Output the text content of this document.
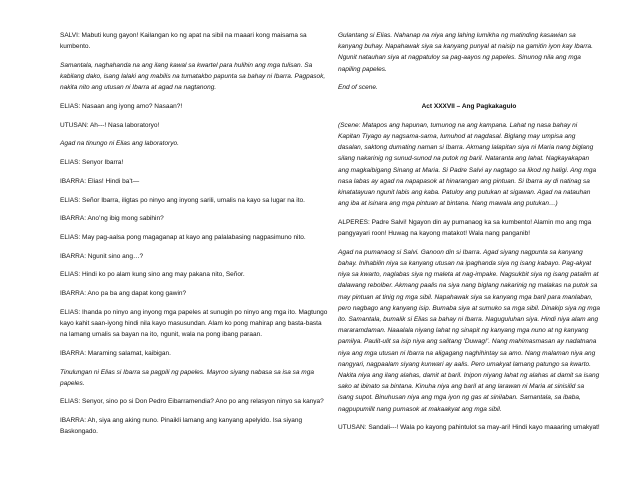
SALVI: Mabuti kung gayon! Kailangan ko ng apat na sibil na maaari kong maisama sa kumbento.

Samantala, naghahanda na ang ilang kawal sa kwartel para hulihin ang mga tulisan. Sa kabilang dako, isang lalaki ang mabilis na tumatakbo papunta sa bahay ni Ibarra. Pagpasok, nakita nito ang utusan ni Ibarra at agad na nagtanong.

ELIAS: Nasaan ang iyong amo? Nasaan?!

UTUSAN: Ah---! Nasa laboratoryo!

Agad na tinungo ni Elias ang laboratoryo.

ELIAS: Senyor Ibarra!

IBARRA: Elias! Hindi ba’t—

ELIAS: Señor Ibarra, iligtas po ninyo ang inyong sarili, umalis na kayo sa lugar na ito.

IBARRA: Ano’ng ibig mong sabihin?

ELIAS: May pag-aalsa pong magaganap at kayo ang palalabasing nagpasimuno nito.

IBARRA: Ngunit sino ang…?

ELIAS: Hindi ko po alam kung sino ang may pakana nito, Señor.

IBARRA: Ano pa ba ang dapat kong gawin?

ELIAS: Ihanda po ninyo ang inyong mga papeles at sunugin po ninyo ang mga ito. Magtungo kayo kahit saan-iyong hindi nila kayo masusundan. Alam ko pong mahirap ang basta-basta na lamang umalis sa bayan na ito, ngunit, wala na pong ibang paraan.

IBARRA: Maraming salamat, kaibigan.

Tinulungan ni Elias si Ibarra sa pagpili ng papeles. Mayroo siyang nabasa sa isa sa mga papeles.

ELIAS: Senyor, sino po si Don Pedro Eibarramendia? Ano po ang relasyon ninyo sa kanya?

IBARRA: Ah, siya ang aking nuno. Pinaikli lamang ang kanyang apelyido. Isa siyang Baskongado.

Gulantang si Elias. Nahanap na niya ang lahing lumikha ng matinding kasawian sa kanyang buhay. Napahawak siya sa kanyang punyal at naisip na gamitin iyon kay Ibarra. Ngunit natauhan siya at nagpatuloy sa pag-aayos ng papeles. Sinunog nila ang mga napiling papeles.

End of scene.

Act XXXVII – Ang Pagkakagulo

(Scene: Matapos ang hapunan, tumunog na ang kampana. Lahat ng nasa bahay ni Kapitan Tiyago ay nagsama-sama, lumuhod at nagdasal. Biglang may umpisa ang dasalan, saktong dumating naman si Ibarra. Akmang lalapitan siya ni Maria nang biglang silang nakarinig ng sunud-sunod na putok ng baril. Nataranta ang lahat. Nagkayakapan ang magkaibigang Sinang at Maria. Si Padre Salvi ay nagtago sa likod ng haligi. Ang mga nasa labas ay agad na napapasok at hinarangan ang pintuan. Si Ibarra ay di natinag sa kinatatayuan ngunit labis ang kaba. Patuloy ang putukan at sigawan. Agad na natauhan ang iba at isinara ang mga pintuan at bintana. Nang mawala ang putukan…)

ALPERES: Padre Salvi! Ngayon din ay pumanaog ka sa kumbento! Alamin mo ang mga pangyayari roon! Huwag na kayong matakot! Wala nang panganib!

Agad na pumanaog si Salvi. Ganoon din si Ibarra. Agad siyang nagpunta sa kanyang bahay. Inihabilin niya sa kanyang utusan na ipaghanda siya ng isang kabayo. Pag-akyat niya sa kwarto, naglabas siya ng maleta at nag-impake. Nagsukbit siya ng isang patalim at dalawang rebolber. Akmang paalis na siya nang biglang nakarinig ng malakas na putok sa may pintuan at tinig ng mga sibil. Napahawak siya sa kanyang mga baril para manlaban, pero nagbago ang kanyang isip. Bumaba siya at sumuko sa mga sibil. Dinakip siya ng mga ito. Samantala, bumalik si Elias sa bahay ni Ibarra. Naguguluhan siya. Hindi niya alam ang mararamdaman. Naaalala niyang lahat ng sinapit ng kanyang mga nuno at ng kanyang pamilya. Paulit-ulit sa isip niya ang salitang ‘Duwag!’. Nang mahimasmasan ay nadatnana niya ang mga utusan ni Ibarra na aligagang naghihintay sa amo. Nang malaman niya ang nangyari, nagpaalam siyang kunwari ay aalis. Pero umakyat lamang patungo sa kwarto. Nakita niya ang ilang alahas, damit at baril. Inipon niyang lahat ng alahas at damit sa isang sako at ibinato sa bintana. Kinuha niya ang baril at ang larawan ni Maria at sinisilid sa isang supot. Binuhusan niya ang mga iyon ng gas at sinilaban. Samantala, sa ibaba, nagpupumilit nang pumasok at makaakyat ang mga sibil.

UTUSAN: Sandali---! Wala po kayong pahintulot sa may-ari! Hindi kayo maaaring umakyat!
